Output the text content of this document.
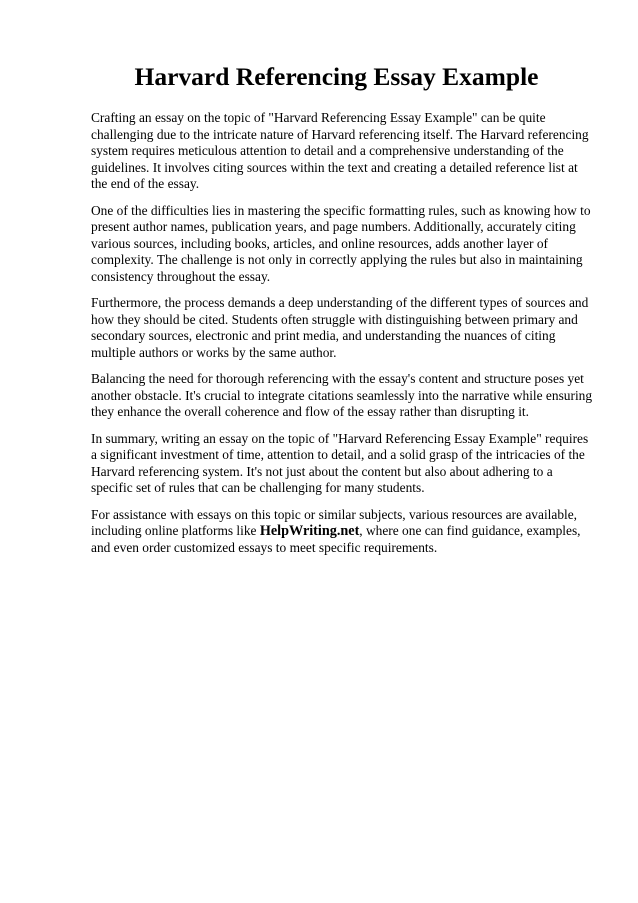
Harvard Referencing Essay Example

Crafting an essay on the topic of "Harvard Referencing Essay Example" can be quite challenging due to the intricate nature of Harvard referencing itself. The Harvard referencing system requires meticulous attention to detail and a comprehensive understanding of the guidelines. It involves citing sources within the text and creating a detailed reference list at the end of the essay.

One of the difficulties lies in mastering the specific formatting rules, such as knowing how to present author names, publication years, and page numbers. Additionally, accurately citing various sources, including books, articles, and online resources, adds another layer of complexity. The challenge is not only in correctly applying the rules but also in maintaining consistency throughout the essay.

Furthermore, the process demands a deep understanding of the different types of sources and how they should be cited. Students often struggle with distinguishing between primary and secondary sources, electronic and print media, and understanding the nuances of citing multiple authors or works by the same author.

Balancing the need for thorough referencing with the essay's content and structure poses yet another obstacle. It's crucial to integrate citations seamlessly into the narrative while ensuring they enhance the overall coherence and flow of the essay rather than disrupting it.

In summary, writing an essay on the topic of "Harvard Referencing Essay Example" requires a significant investment of time, attention to detail, and a solid grasp of the intricacies of the Harvard referencing system. It's not just about the content but also about adhering to a specific set of rules that can be challenging for many students.

For assistance with essays on this topic or similar subjects, various resources are available, including online platforms like HelpWriting.net, where one can find guidance, examples, and even order customized essays to meet specific requirements.
